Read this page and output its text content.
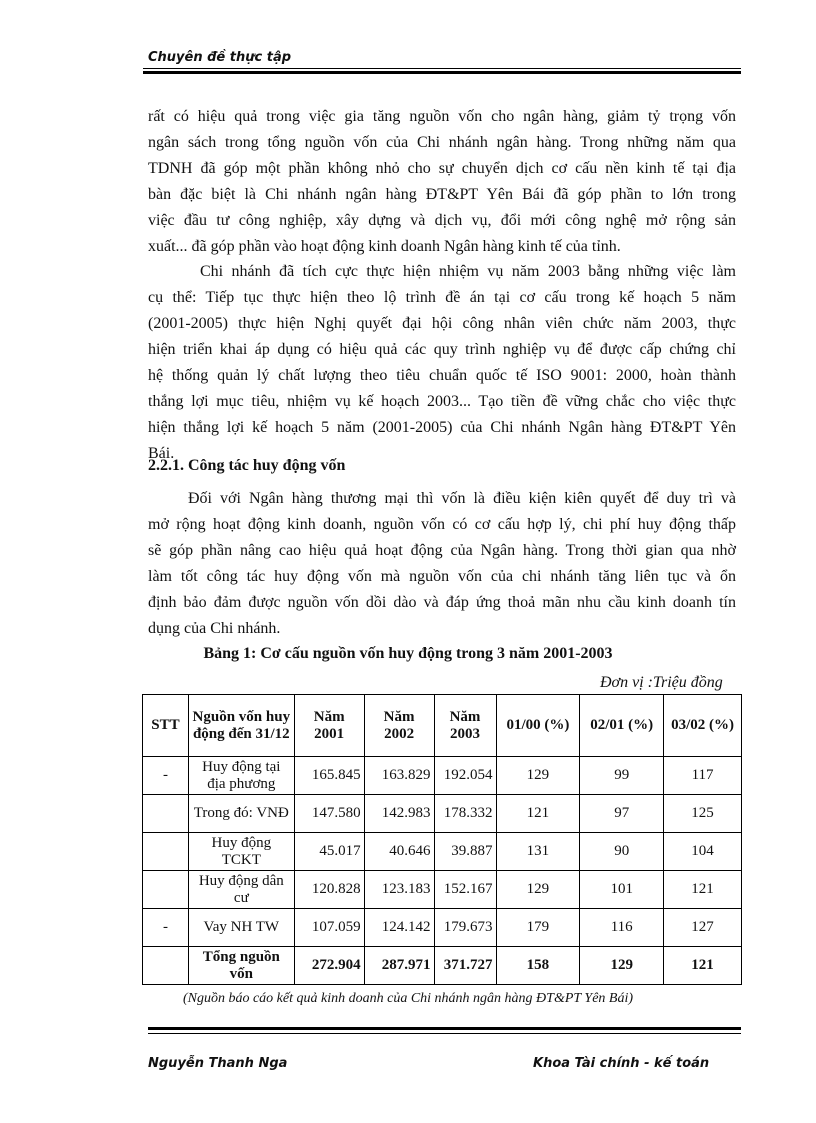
Chuyên đề thực tập
rất có hiệu quả trong việc gia tăng nguồn vốn cho ngân hàng, giảm tỷ trọng vốn
ngân sách trong tổng nguồn vốn của Chi nhánh ngân hàng. Trong những năm qua
TDNH đã góp một phần không nhỏ cho sự chuyển dịch cơ cấu nền kinh tế tại địa
bàn đặc biệt là Chi nhánh ngân hàng ĐT&PT Yên Bái đã góp phần to lớn trong
việc đầu tư công nghiệp, xây dựng và dịch vụ, đổi mới công nghệ mở rộng sản
xuất... đã góp phần vào hoạt động kinh doanh Ngân hàng kinh tế của tỉnh.
Chi nhánh đã tích cực thực hiện nhiệm vụ năm 2003 bằng những việc làm
cụ thể: Tiếp tục thực hiện theo lộ trình đề án tại cơ cấu trong kế hoạch 5 năm
(2001-2005) thực hiện Nghị quyết đại hội công nhân viên chức năm 2003, thực
hiện triển khai áp dụng có hiệu quả các quy trình nghiệp vụ để được cấp chứng chỉ
hệ thống quản lý chất lượng theo tiêu chuẩn quốc tế ISO 9001: 2000, hoàn thành
thắng lợi mục tiêu, nhiệm vụ kế hoạch 2003... Tạo tiền đề vững chắc cho việc thực
hiện thắng lợi kế hoạch 5 năm (2001-2005) của Chi nhánh Ngân hàng ĐT&PT Yên
Bái.
2.2.1. Công tác huy động vốn
Đối với Ngân hàng thương mại thì vốn là điều kiện kiên quyết để duy trì và
mở rộng hoạt động kinh doanh, nguồn vốn có cơ cấu hợp lý, chi phí huy động thấp
sẽ góp phần nâng cao hiệu quả hoạt động của Ngân hàng. Trong thời gian qua nhờ
làm tốt công tác huy động vốn mà nguồn vốn của chi nhánh tăng liên tục và ổn
định bảo đảm được nguồn vốn dồi dào và đáp ứng thoả mãn nhu cầu kinh doanh tín
dụng của Chi nhánh.
Bảng 1: Cơ cấu nguồn vốn huy động trong 3 năm 2001-2003
Đơn vị :Triệu đồng
STT	Nguồn vốn huy động đến 31/12	Năm 2001	Năm 2002	Năm 2003	01/00 (%)	02/01 (%)	03/02 (%)
-	Huy động tại địa phương	165.845	163.829	192.054	129	99	117
	Trong đó: VNĐ	147.580	142.983	178.332	121	97	125
	Huy động TCKT	45.017	40.646	39.887	131	90	104
	Huy động dân cư	120.828	123.183	152.167	129	101	121
-	Vay NH TW	107.059	124.142	179.673	179	116	127
	Tổng nguồn vốn	272.904	287.971	371.727	158	129	121
(Nguồn báo cáo kết quả kinh doanh của Chi nhánh ngân hàng ĐT&PT Yên Bái)
Nguyễn Thanh Nga	Khoa Tài chính - kế toán
